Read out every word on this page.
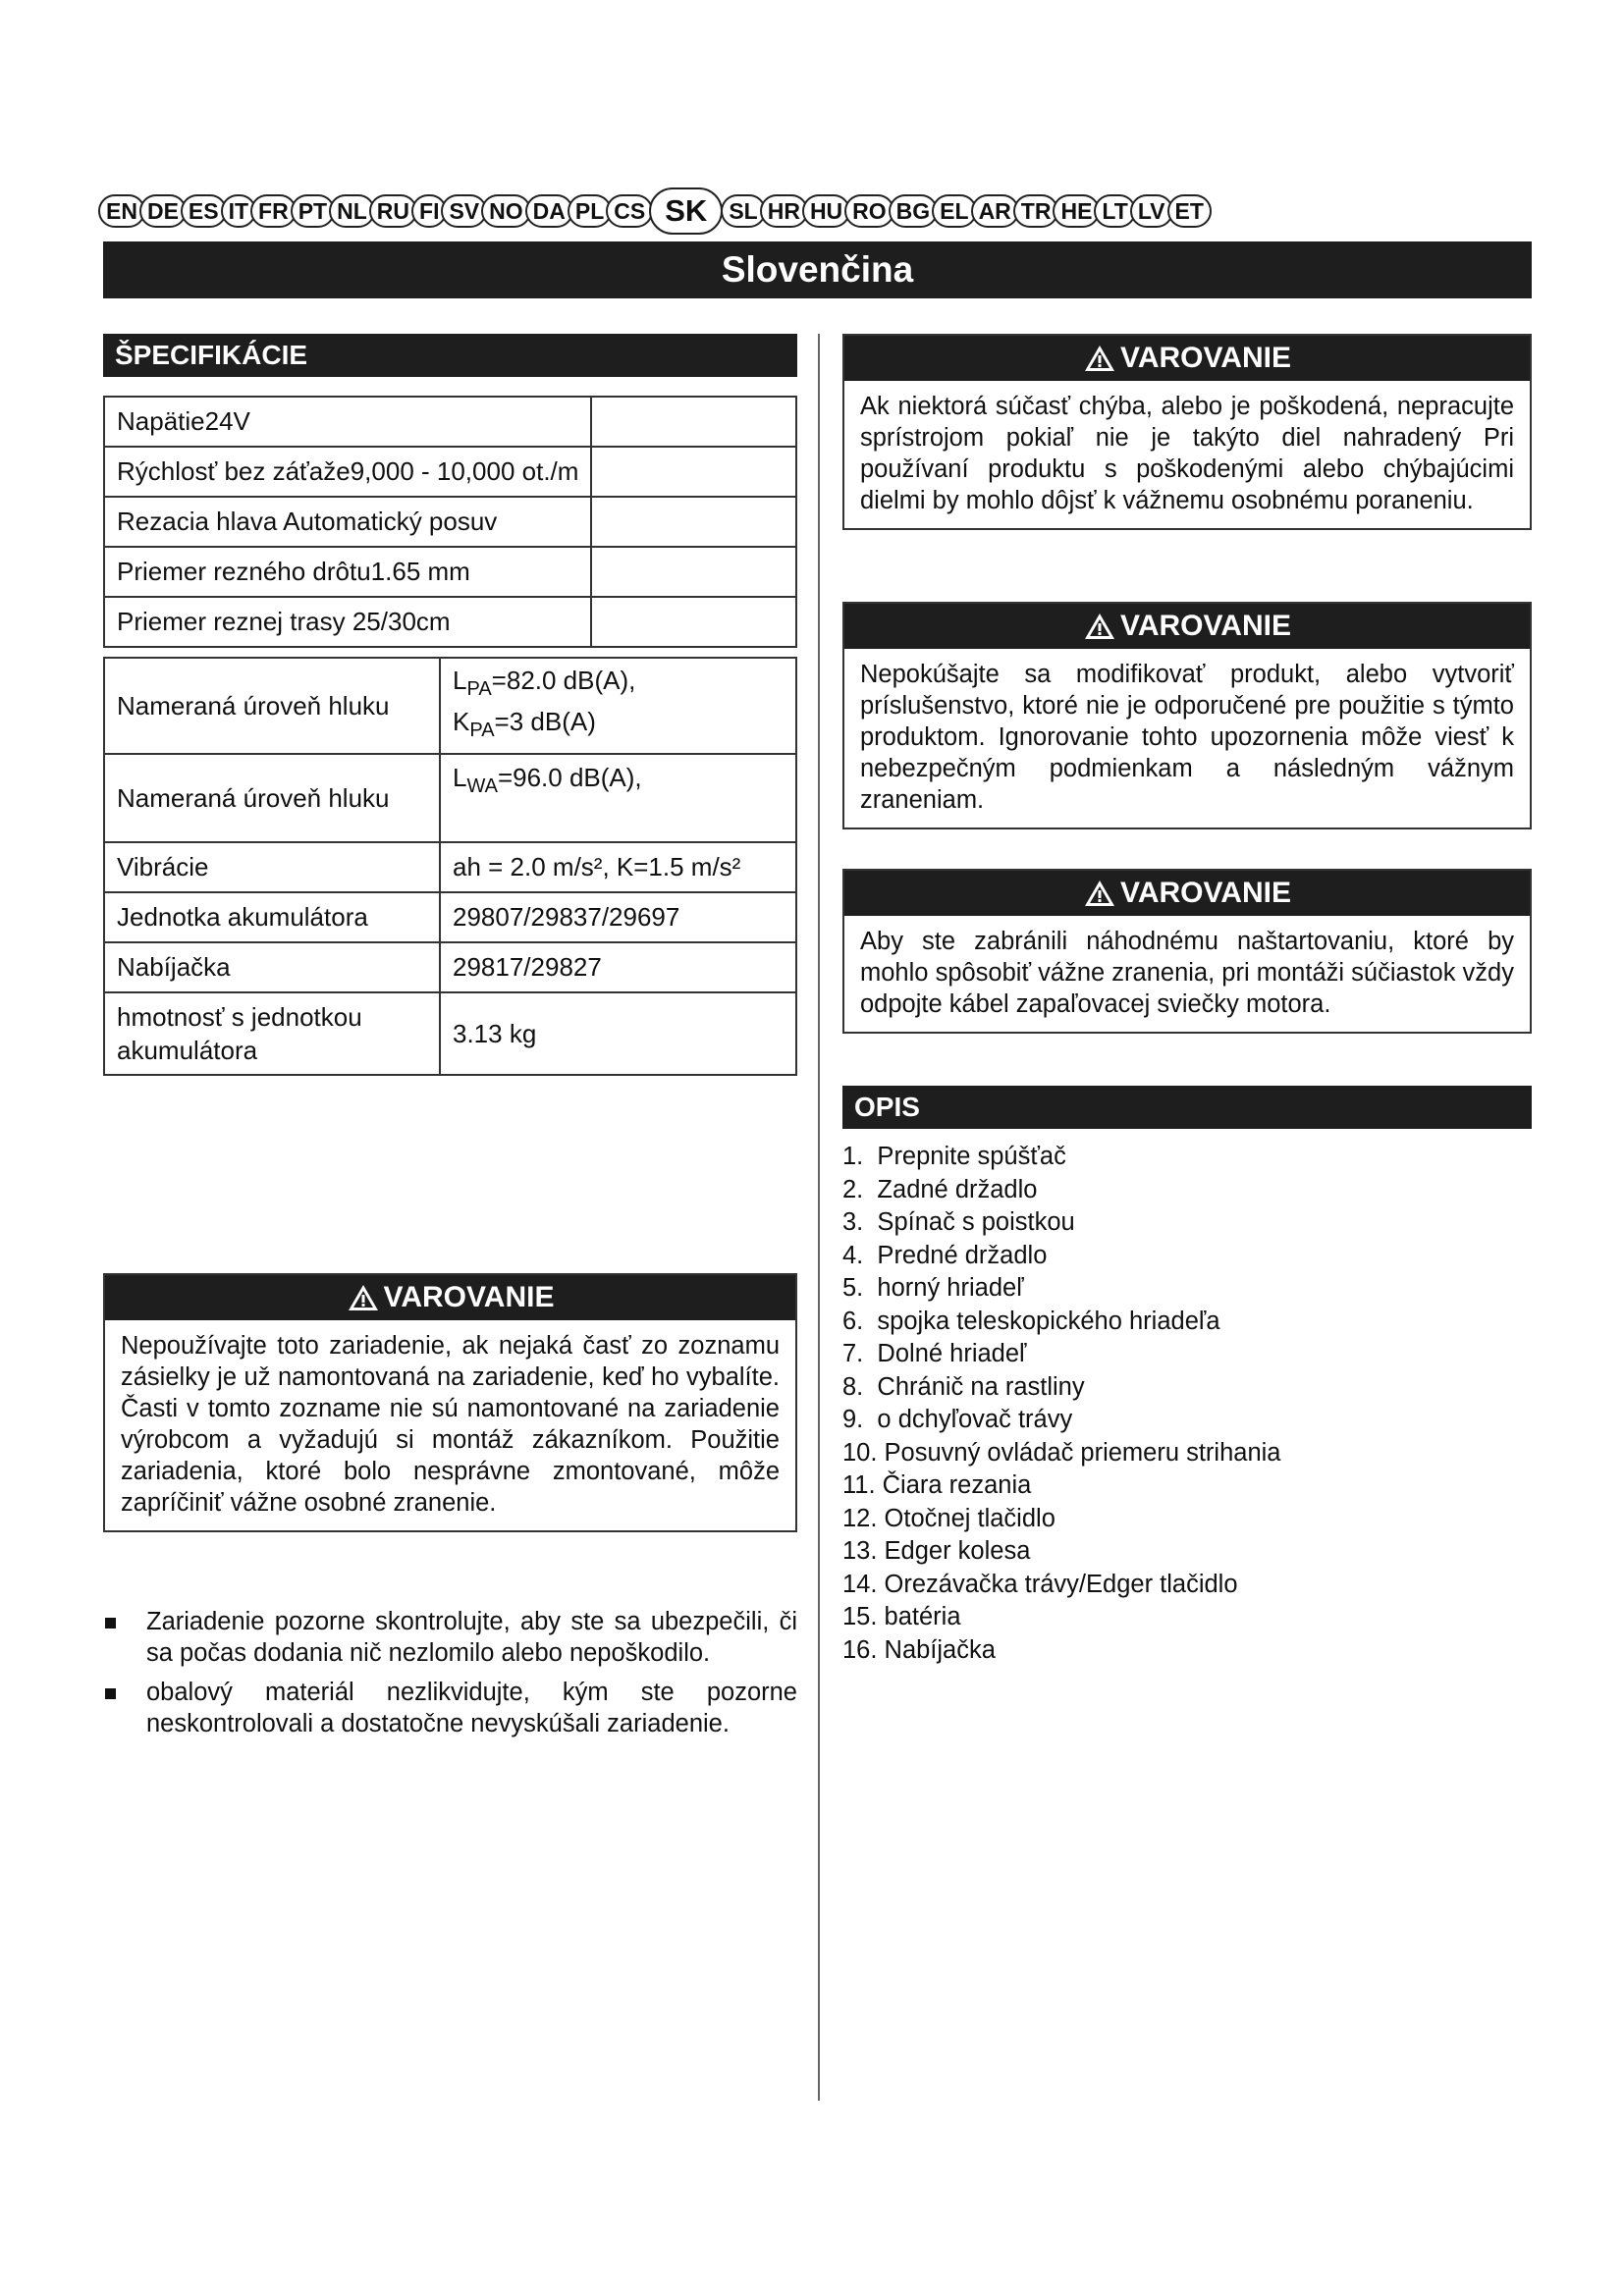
EN DE ES IT FR PT NL RU FI SV NO DA PL CS SK SL HR HU RO BG EL AR TR HE LT LV ET
Slovenčina
ŠPECIFIKÁCIE
Napätie24V	
Rýchlosť bez záťaže9,000 - 10,000 ot./m	
Rezacia hlava Automatický posuv	
Priemer rezného drôtu1.65 mm	
Priemer reznej trasy 25/30cm	
Nameraná úroveň hluku	$L_{PA}=82.0$ dB(A),
$K_{PA}=3$ dB(A)

Nameraná úroveň hluku	$L_{WA}=96.0$ dB(A),
Vibrácie	ah = 2.0 m/s², K=1.5 m/s²
Jednotka akumulátora	29807/29837/29697
Nabíjačka	29817/29827
hmotnosť s jednotkou akumulátora	3.13 kg
VAROVANIE
Nepoužívajte toto zariadenie, ak nejaká časť zo zoznamu zásielky je už namontovaná na zariadenie, keď ho vybalíte. Časti v tomto zozname nie sú namontované na zariadenie výrobcom a vyžadujú si montáž zákazníkom. Použitie zariadenia, ktoré bolo nesprávne zmontované, môže zapríčiniť vážne osobné zranenie.
Zariadenie pozorne skontrolujte, aby ste sa ubezpečili, či sa počas dodania nič nezlomilo alebo nepoškodilo.
obalový materiál nezlikvidujte, kým ste pozorne neskontrolovali a dostatočne nevyskúšali zariadenie.
VAROVANIE
Ak niektorá súčasť chýba, alebo je poškodená, nepracujte sprístrojom pokiaľ nie je takýto diel nahradený Pri používaní produktu s poškodenými alebo chýbajúcimi dielmi by mohlo dôjsť k vážnemu osobnému poraneniu.
VAROVANIE
Nepokúšajte sa modifikovať produkt, alebo vytvoriť príslušenstvo, ktoré nie je odporučené pre použitie s týmto produktom. Ignorovanie tohto upozornenia môže viesť k nebezpečným podmienkam a následným vážnym zraneniam.
VAROVANIE
Aby ste zabránili náhodnému naštartovaniu, ktoré by mohlo spôsobiť vážne zranenia, pri montáži súčiastok vždy odpojte kábel zapaľovacej sviečky motora.
OPIS
1.  Prepnite spúšťač
2.  Zadné držadlo
3.  Spínač s poistkou
4.  Predné držadlo
5.  horný hriadeľ
6.  spojka teleskopického hriadeľa
7.  Dolné hriadeľ
8.  Chránič na rastliny
9.  o dchyľovač trávy
10. Posuvný ovládač priemeru strihania
11. Čiara rezania
12. Otočnej tlačidlo
13. Edger kolesa
14. Orezávačka trávy/Edger tlačidlo
15. batéria
16. Nabíjačka
